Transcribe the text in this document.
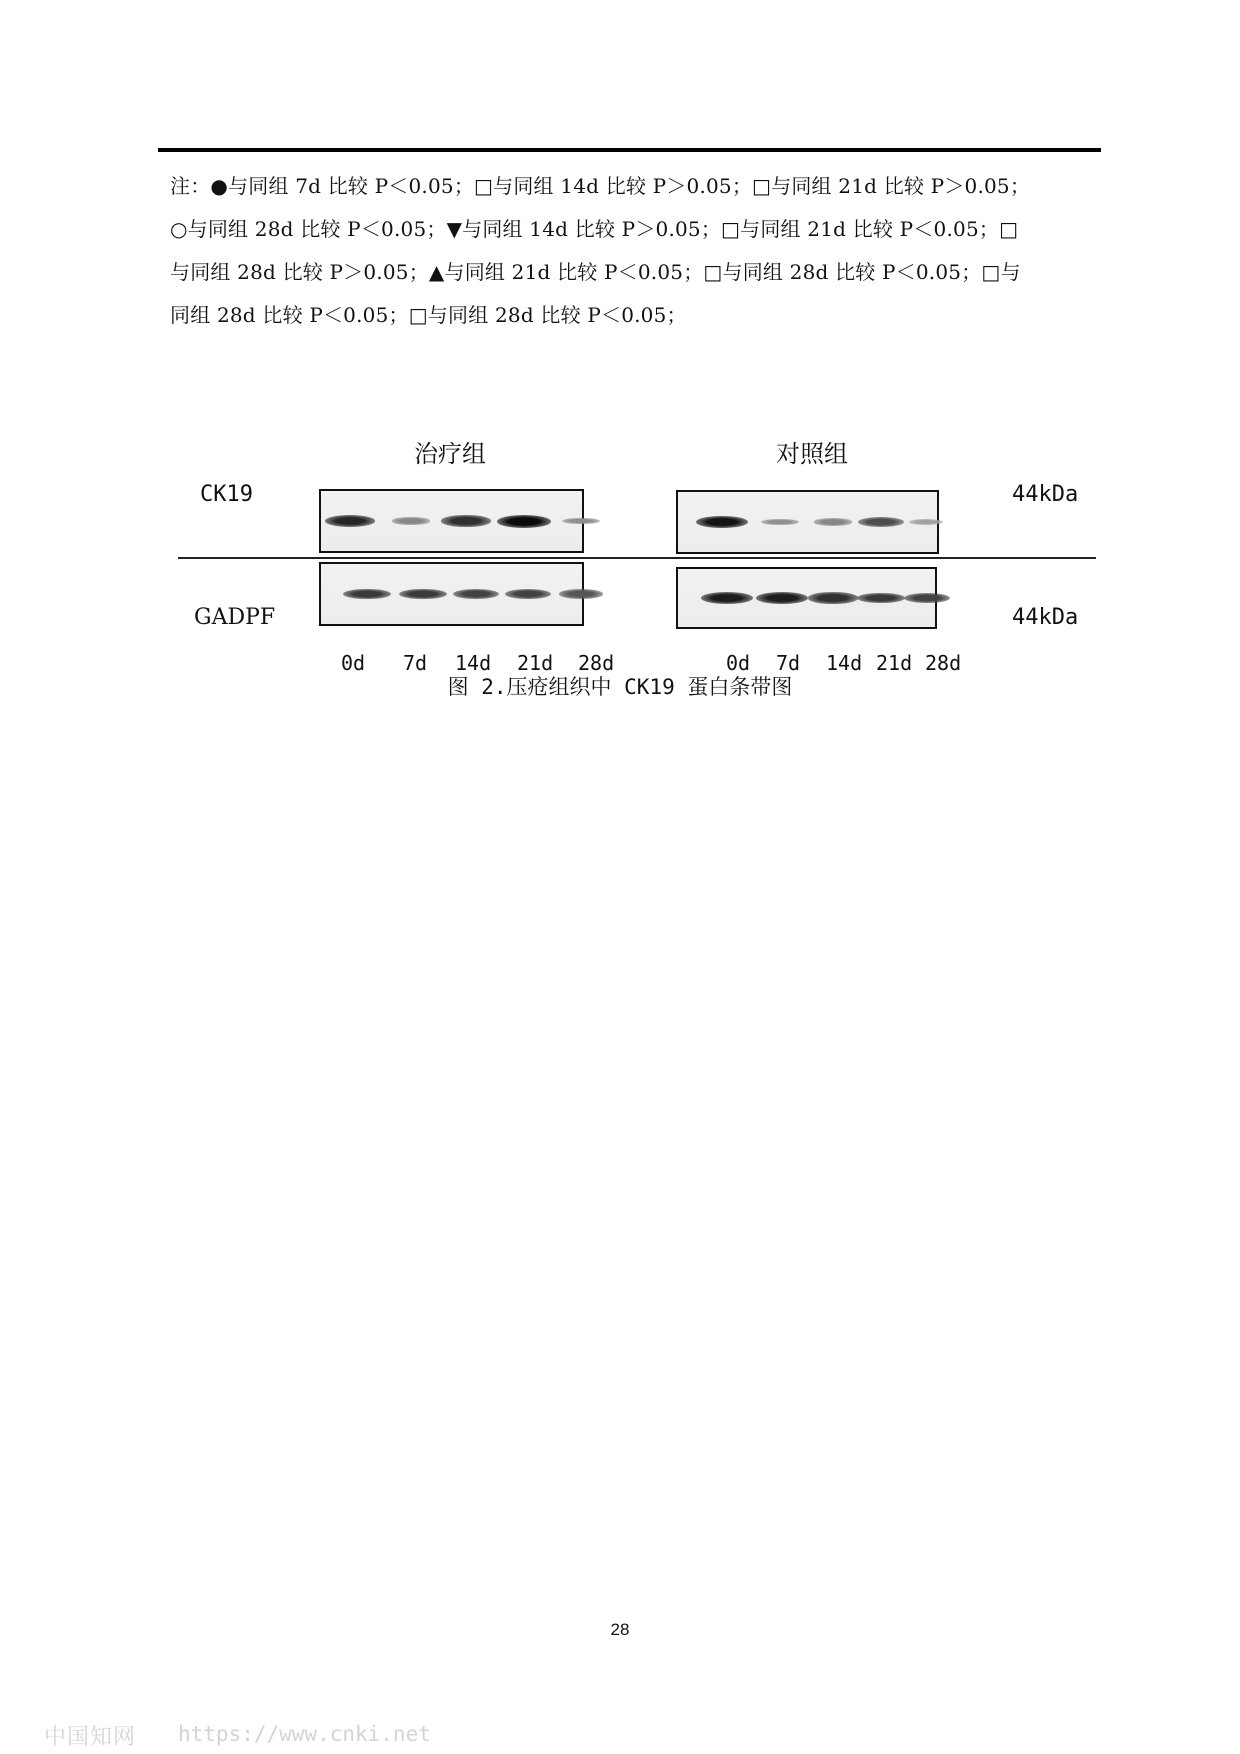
注：●与同组 7d 比较 P＜0.05；□与同组 14d 比较 P＞0.05；□与同组 21d 比较 P＞0.05；
○与同组 28d 比较 P＜0.05；▼与同组 14d 比较 P＞0.05；□与同组 21d 比较 P＜0.05；□
与同组 28d 比较 P＞0.05；▲与同组 21d 比较 P＜0.05；□与同组 28d 比较 P＜0.05；□与
同组 28d 比较 P＜0.05；□与同组 28d 比较 P＜0.05；
治疗组	对照组
CK19	44kDa
GADPF	44kDa
0d 7d 14d 21d 28d	0d 7d 14d 21d 28d
图 2.压疮组织中 CK19 蛋白条带图
28
中国知网 https://www.cnki.net
